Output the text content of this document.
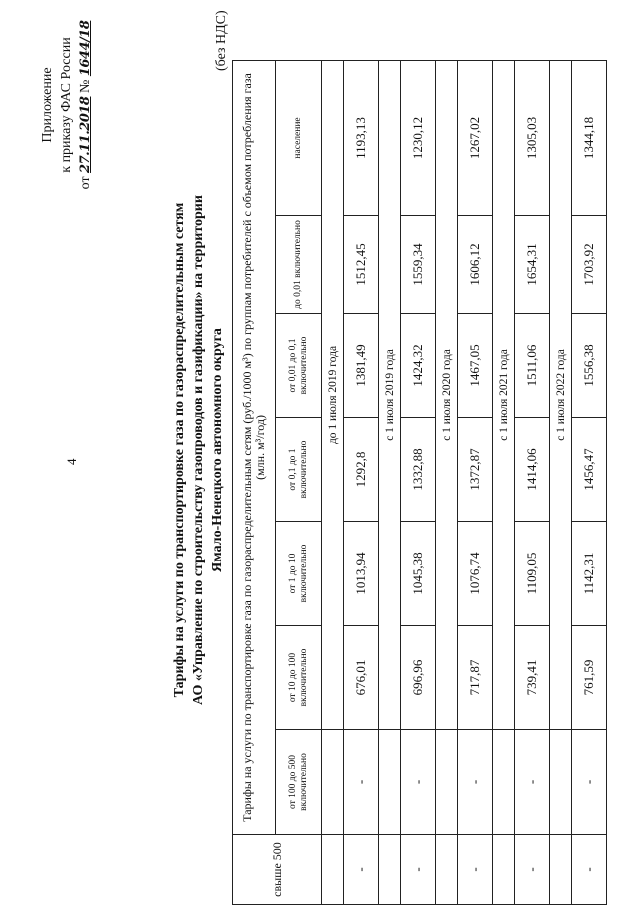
4
Приложение к приказу ФАС России
от 27.11.2018 № 1644/18
Тарифы на услуги по транспортировке газа по газораспределительным сетям АО «Управление по строительству газопроводов и газификации» на территории Ямало-Ненецкого автономного округа
(без НДС)
свыше 500	Тарифы на услуги по транспортировке газа по газораспределительным сетям (руб./1000 м³) по группам потребителей с объемом потребления газа (млн. м³/год)						
	от 100 до 500 включительно	от 10 до 100 включительно	от 1 до 10 включительно	от 0,1 до 1 включительно	от 0,01 до 0,1 включительно	до 0,01 включительно	население
		до 1 июля 2019 года					
-	-	676,01	1013,94	1292,8	1381,49	1512,45	1193,13
		с 1 июля 2019 года					
-	-	696,96	1045,38	1332,88	1424,32	1559,34	1230,12
		с 1 июля 2020 года					
-	-	717,87	1076,74	1372,87	1467,05	1606,12	1267,02
		с 1 июля 2021 года					
-	-	739,41	1109,05	1414,06	1511,06	1654,31	1305,03
		с 1 июля 2022 года					
-	-	761,59	1142,31	1456,47	1556,38	1703,92	1344,18
